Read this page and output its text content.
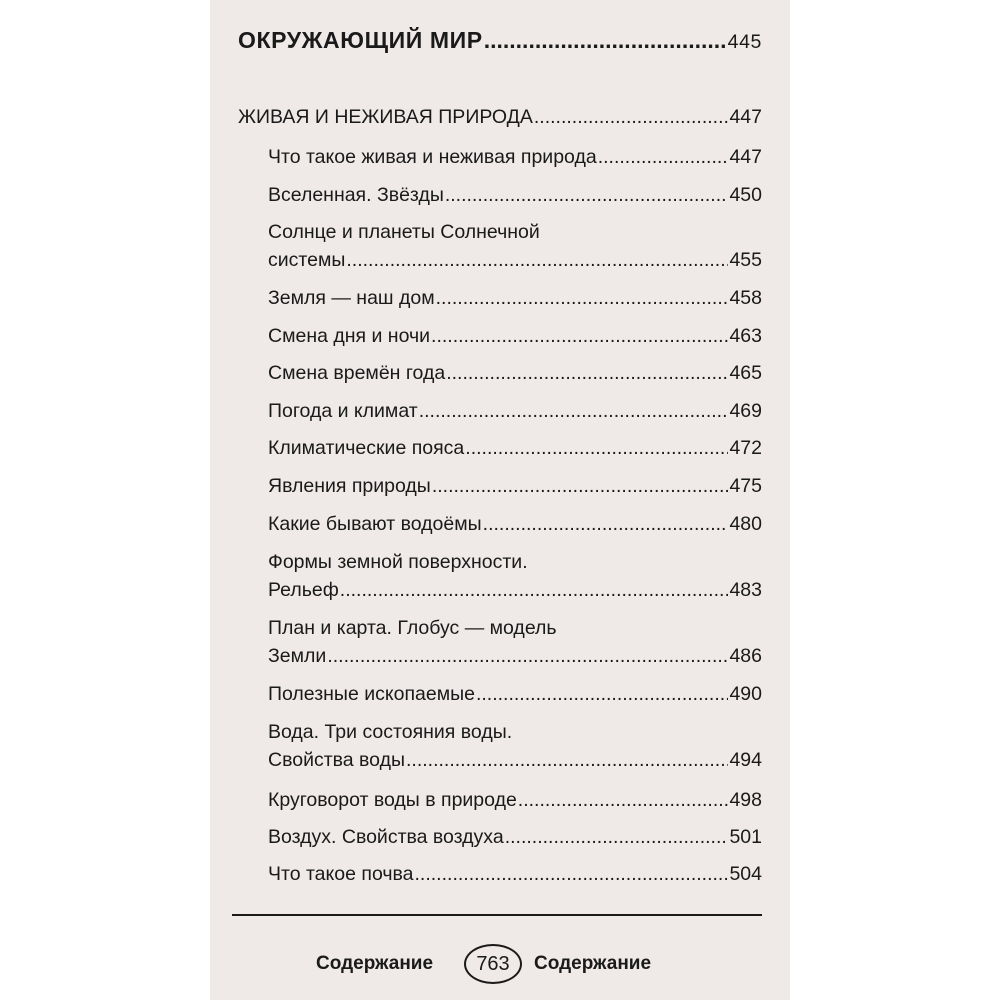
ОКРУЖАЮЩИЙ МИР .....	445
ЖИВАЯ И НЕЖИВАЯ ПРИРОДА .....	447
Что такое живая и неживая природа .....	447
Вселенная. Звёзды .....	450
Солнце и планеты Солнечной
системы .....	455
Земля — наш дом .....	458
Смена дня и ночи .....	463
Смена времён года .....	465
Погода и климат .....	469
Климатические пояса .....	472
Явления природы .....	475
Какие бывают водоёмы .....	480
Формы земной поверхности.
Рельеф .....	483
План и карта. Глобус — модель
Земли .....	486
Полезные ископаемые .....	490
Вода. Три состояния воды.
Свойства воды .....	494
Круговорот воды в природе .....	498
Воздух. Свойства воздуха .....	501
Что такое почва .....	504
Содержание	763	Содержание
